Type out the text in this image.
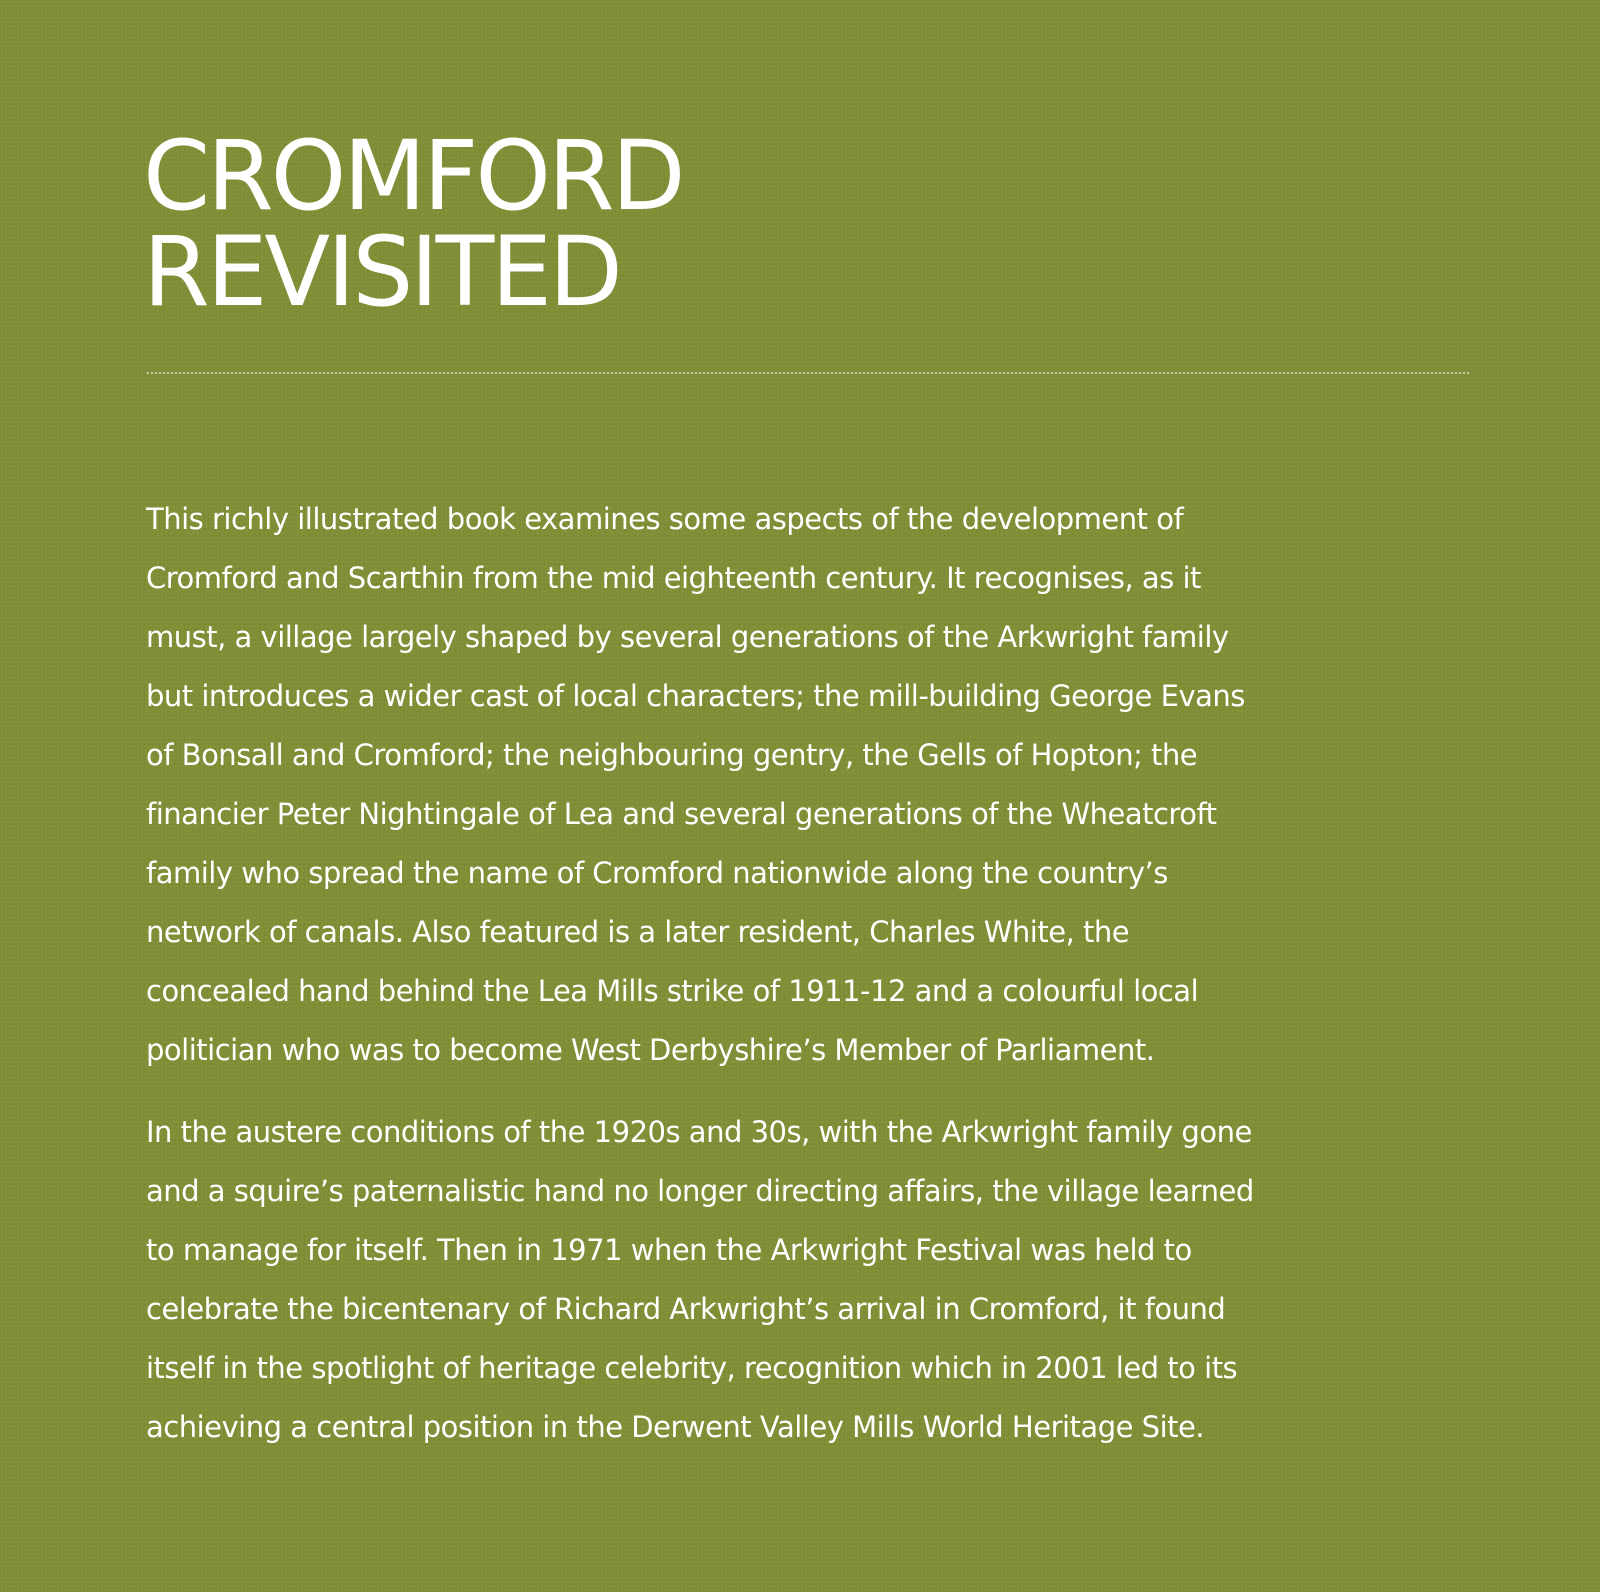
CROMFORD
REVISITED

This richly illustrated book examines some aspects of the development of
Cromford and Scarthin from the mid eighteenth century. It recognises, as it
must, a village largely shaped by several generations of the Arkwright family
but introduces a wider cast of local characters; the mill-building George Evans
of Bonsall and Cromford; the neighbouring gentry, the Gells of Hopton; the
financier Peter Nightingale of Lea and several generations of the Wheatcroft
family who spread the name of Cromford nationwide along the country’s
network of canals. Also featured is a later resident, Charles White, the
concealed hand behind the Lea Mills strike of 1911-12 and a colourful local
politician who was to become West Derbyshire’s Member of Parliament.

In the austere conditions of the 1920s and 30s, with the Arkwright family gone
and a squire’s paternalistic hand no longer directing affairs, the village learned
to manage for itself. Then in 1971 when the Arkwright Festival was held to
celebrate the bicentenary of Richard Arkwright’s arrival in Cromford, it found
itself in the spotlight of heritage celebrity, recognition which in 2001 led to its
achieving a central position in the Derwent Valley Mills World Heritage Site.
